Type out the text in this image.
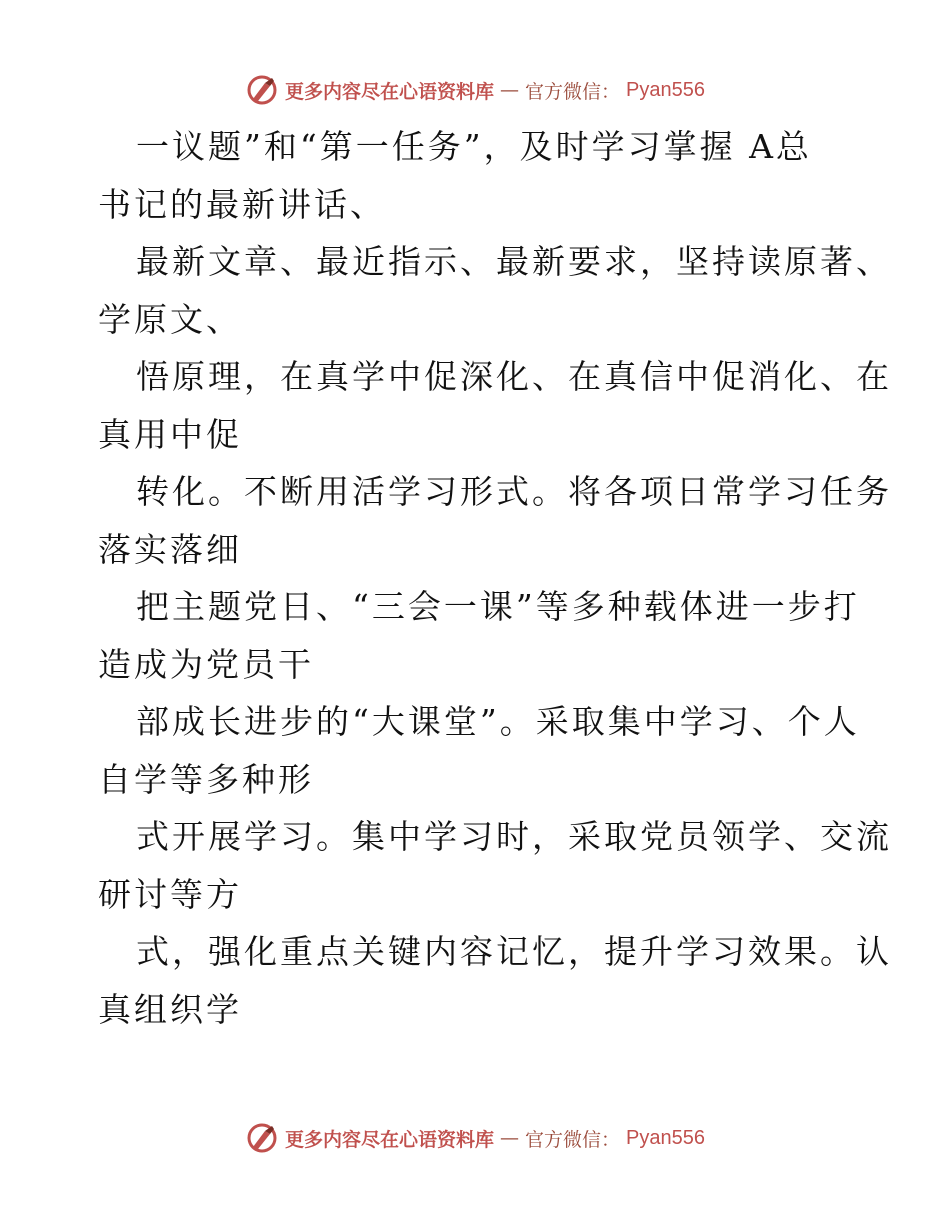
更多内容尽在心语资料库 — 官方微信： Pyan556
一议题”和“第一任务”，及时学习掌握 A总
书记的最新讲话、
最新文章、最近指示、最新要求，坚持读原著、
学原文、
悟原理，在真学中促深化、在真信中促消化、在
真用中促
转化。不断用活学习形式。将各项日常学习任务
落实落细
把主题党日、“三会一课”等多种载体进一步打
造成为党员干
部成长进步的“大课堂”。采取集中学习、个人
自学等多种形
式开展学习。集中学习时，采取党员领学、交流
研讨等方
式，强化重点关键内容记忆，提升学习效果。认
真组织学
更多内容尽在心语资料库 — 官方微信： Pyan556
